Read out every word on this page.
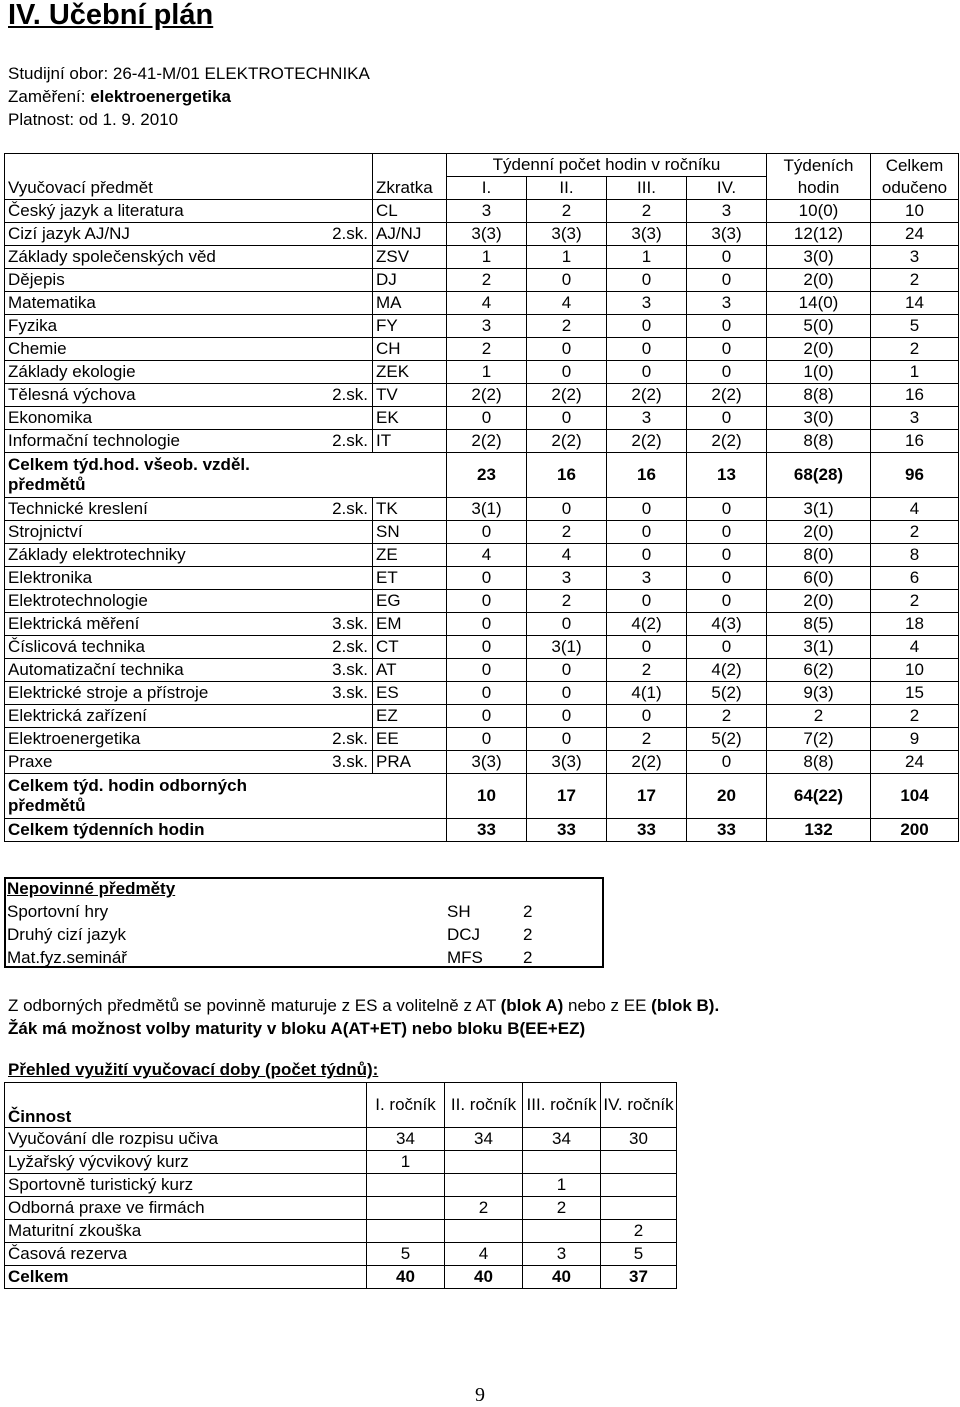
IV. Učební plán
Studijní obor: 26-41-M/01 ELEKTROTECHNIKA
Zaměření: elektroenergetika
Platnost: od 1. 9. 2010
Vyučovací předmět	Zkratka	Týdenní počet hodin v ročníku				Týdeních hodin	Celkem odučeno
		I.	II.	III.	IV.		

Český jazyk a literatura	CL	3	2	2	3	10(0)	10

Cizí jazyk AJ/NJ 2.sk.	AJ/NJ	3(3)	3(3)	3(3)	3(3)	12(12)	24

Základy společenských věd	ZSV	1	1	1	0	3(0)	3

Dějepis	DJ	2	0	0	0	2(0)	2

Matematika	MA	4	4	3	3	14(0)	14

Fyzika	FY	3	2	0	0	5(0)	5

Chemie	CH	2	0	0	0	2(0)	2

Základy ekologie	ZEK	1	0	0	0	1(0)	1

Tělesná výchova 2.sk.	TV	2(2)	2(2)	2(2)	2(2)	8(8)	16

Ekonomika	EK	0	0	3	0	3(0)	3

Informační technologie 2.sk.	IT	2(2)	2(2)	2(2)	2(2)	8(8)	16
Celkem týd.hod. všeob. vzděl. předmětů		23	16	16	13	68(28)	96

Technické kreslení 2.sk.	TK	3(1)	0	0	0	3(1)	4

Strojnictví	SN	0	2	0	0	2(0)	2

Základy elektrotechniky	ZE	4	4	0	0	8(0)	8

Elektronika	ET	0	3	3	0	6(0)	6

Elektrotechnologie	EG	0	2	0	0	2(0)	2

Elektrická měření 3.sk.	EM	0	0	4(2)	4(3)	8(5)	18

Číslicová technika 2.sk.	CT	0	3(1)	0	0	3(1)	4

Automatizační technika 3.sk.	AT	0	0	2	4(2)	6(2)	10

Elektrické stroje a přístroje 3.sk.	ES	0	0	4(1)	5(2)	9(3)	15

Elektrická zařízení	EZ	0	0	0	2	2	2

Elektroenergetika 2.sk.	EE	0	0	2	5(2)	7(2)	9

Praxe 3.sk.	PRA	3(3)	3(3)	2(2)	0	8(8)	24
Celkem týd. hodin odborných předmětů		10	17	17	20	64(22)	104
Celkem týdenních hodin		33	33	33	33	132	200
Nepovinné předměty		
Sportovní hry	SH	2
Druhý cizí jazyk	DCJ	2
Mat.fyz.seminář	MFS	2
Z odborných předmětů se povinně maturuje z ES a volitelně z AT (blok A) nebo z EE (blok B).
Žák má možnost volby maturity v bloku A(AT+ET) nebo bloku B(EE+EZ)
Přehled využití vyučovací doby (počet týdnů):
Činnost	I. ročník	II. ročník	III. ročník	IV. ročník
Vyučování dle rozpisu učiva	34	34	34	30
Lyžařský výcvikový kurz	1			
Sportovně turistický kurz			1	
Odborná praxe ve firmách		2	2	
Maturitní zkouška				2
Časová rezerva	5	4	3	5
Celkem	40	40	40	37
9
